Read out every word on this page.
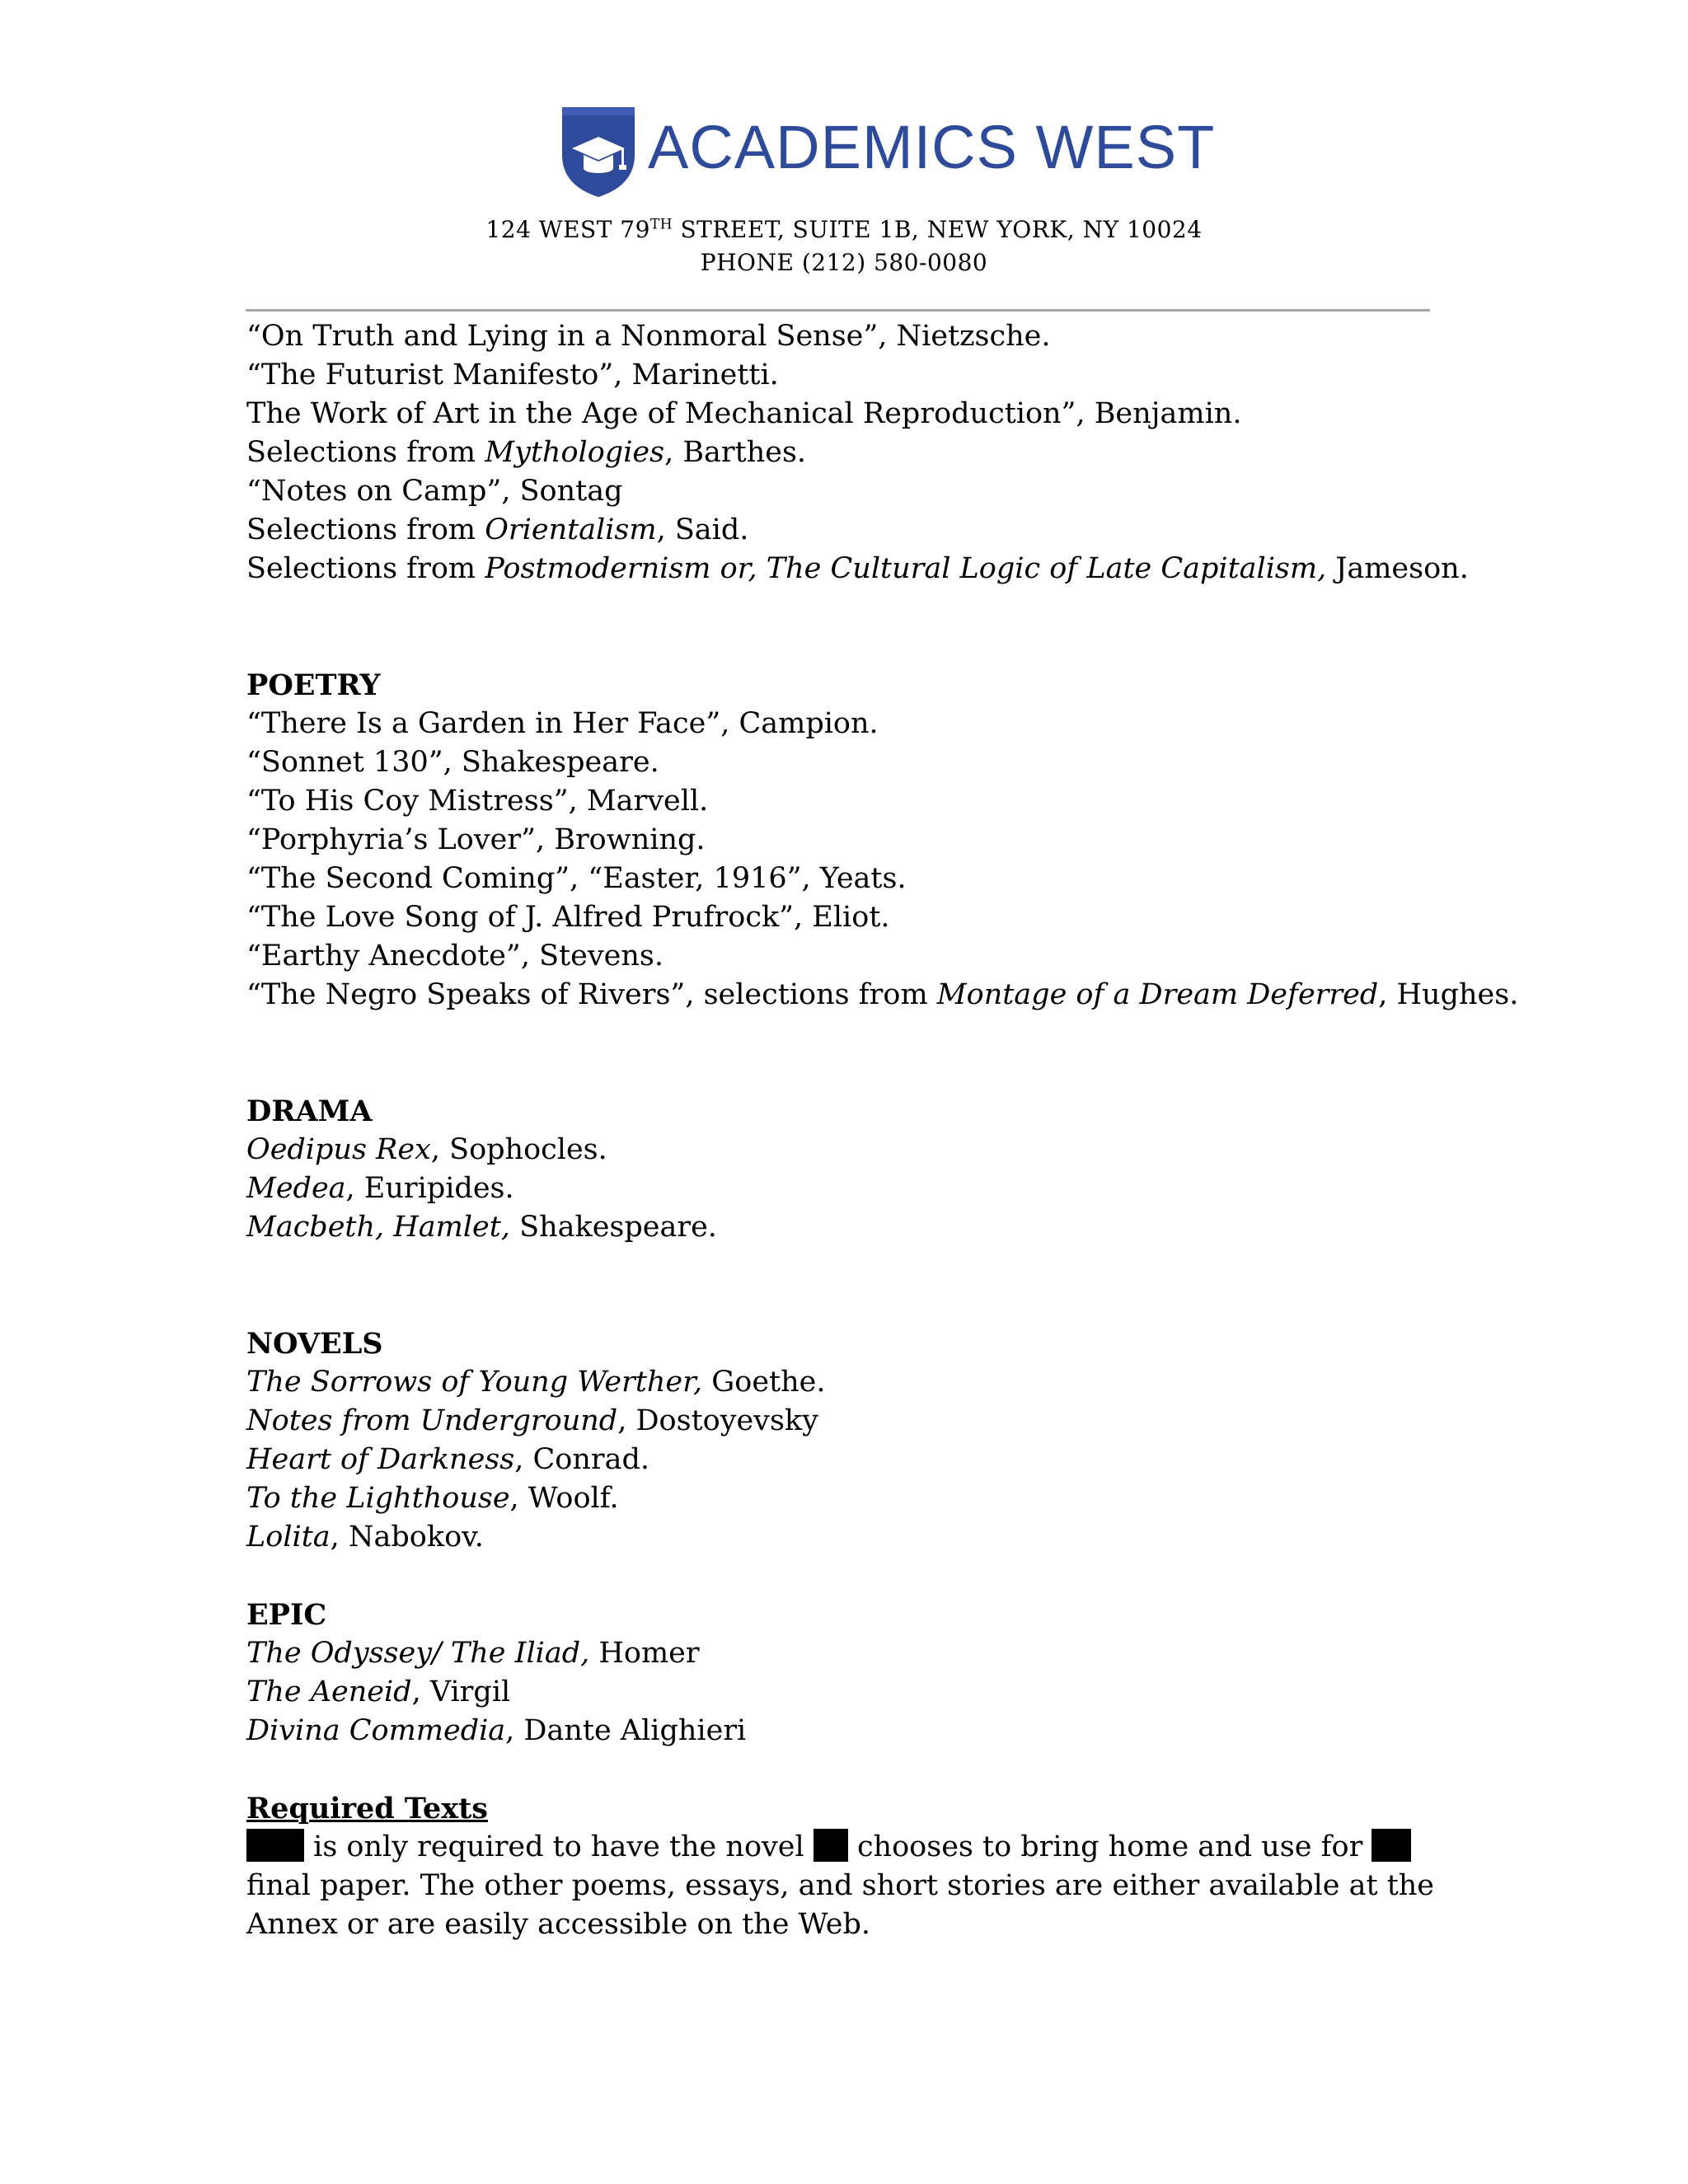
ACADEMICS WEST
124 WEST 79TH STREET, SUITE 1B, NEW YORK, NY 10024
PHONE (212) 580-0080
“On Truth and Lying in a Nonmoral Sense”, Nietzsche.
“The Futurist Manifesto”, Marinetti.
The Work of Art in the Age of Mechanical Reproduction”, Benjamin.
Selections from Mythologies, Barthes.
“Notes on Camp”, Sontag
Selections from Orientalism, Said.
Selections from Postmodernism or, The Cultural Logic of Late Capitalism, Jameson.
POETRY
“There Is a Garden in Her Face”, Campion.
“Sonnet 130”, Shakespeare.
“To His Coy Mistress”, Marvell.
“Porphyria’s Lover”, Browning.
“The Second Coming”, “Easter, 1916”, Yeats.
“The Love Song of J. Alfred Prufrock”, Eliot.
“Earthy Anecdote”, Stevens.
“The Negro Speaks of Rivers”, selections from Montage of a Dream Deferred, Hughes.
DRAMA
Oedipus Rex, Sophocles.
Medea, Euripides.
Macbeth, Hamlet, Shakespeare.
NOVELS
The Sorrows of Young Werther, Goethe.
Notes from Underground, Dostoyevsky
Heart of Darkness, Conrad.
To the Lighthouse, Woolf.
Lolita, Nabokov.
EPIC
The Odyssey/ The Iliad, Homer
The Aeneid, Virgil
Divina Commedia, Dante Alighieri
Required Texts
is only required to have the novel  chooses to bring home and use for  final paper. The other poems, essays, and short stories are either available at the Annex or are easily accessible on the Web.
